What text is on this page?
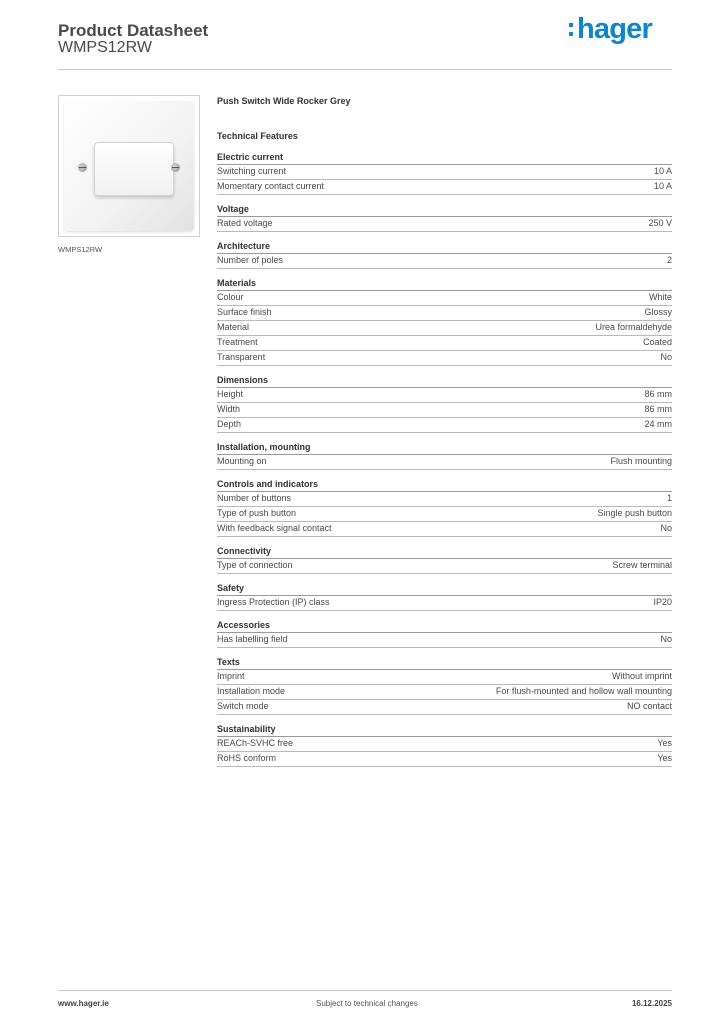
Product Datasheet
WMPS12RW
hager
WMPS12RW
Push Switch Wide Rocker Grey
Technical Features
Electric current
Switching current	10 A
Momentary contact current	10 A
Voltage
Rated voltage	250 V
Architecture
Number of poles	2
Materials
Colour	White
Surface finish	Glossy
Material	Urea formaldehyde
Treatment	Coated
Transparent	No
Dimensions
Height	86 mm
Width	86 mm
Depth	24 mm
Installation, mounting
Mounting on	Flush mounting
Controls and indicators
Number of buttons	1
Type of push button	Single push button
With feedback signal contact	No
Connectivity
Type of connection	Screw terminal
Safety
Ingress Protection (IP) class	IP20
Accessories
Has labelling field	No
Texts
Imprint	Without imprint
Installation mode	For flush-mounted and hollow wall mounting
Switch mode	NO contact
Sustainability
REACh-SVHC free	Yes
RoHS conform	Yes
www.hager.ie	Subject to technical changes	16.12.2025
